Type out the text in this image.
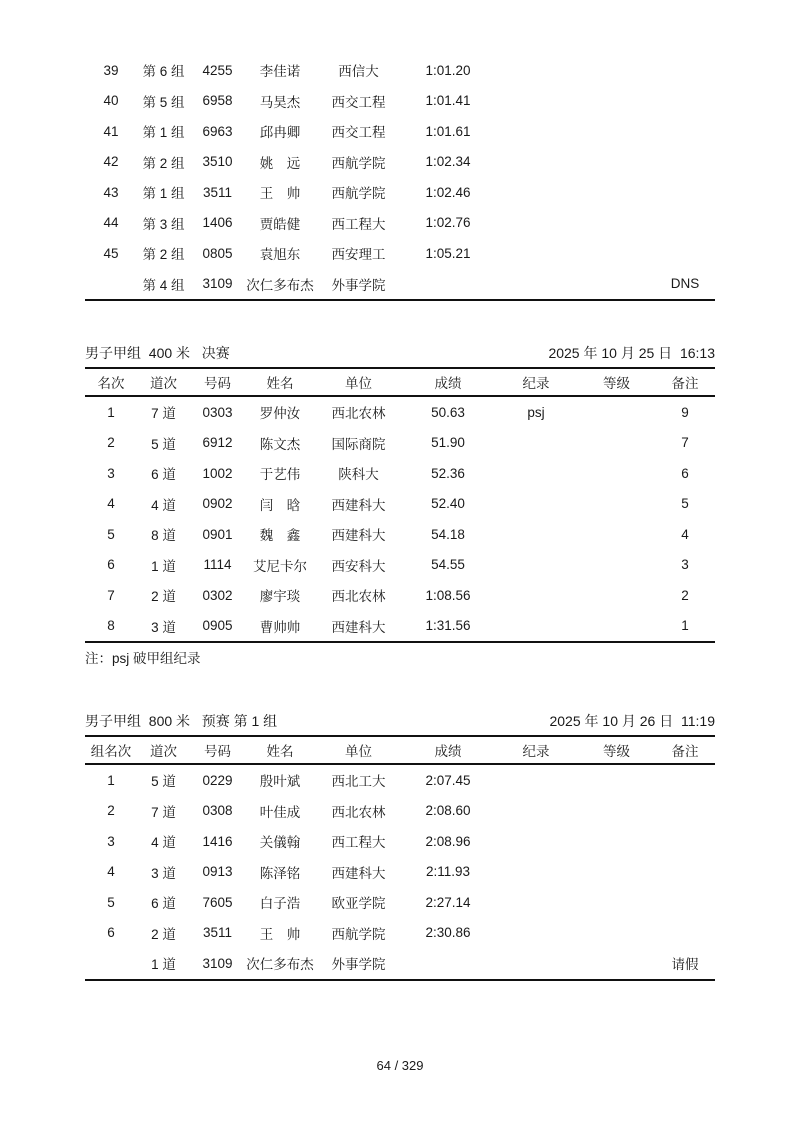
39	第 6 组	4255	李佳诺	西信大	1:01.20			
40	第 5 组	6958	马昊杰	西交工程	1:01.41			
41	第 1 组	6963	邱冉卿	西交工程	1:01.61			
42	第 2 组	3510	姚　远	西航学院	1:02.34			
43	第 1 组	3511	王　帅	西航学院	1:02.46			
44	第 3 组	1406	贾皓健	西工程大	1:02.76			
45	第 2 组	0805	袁旭东	西安理工	1:05.21			
	第 4 组	3109	次仁多布杰	外事学院				DNS
男子甲组  400 米   决赛	2025 年 10 月 25 日  16:13
名次	道次	号码	姓名	单位	成绩	纪录	等级	备注
1	7 道	0303	罗仲汝	西北农林	50.63	psj		9
2	5 道	6912	陈文杰	国际商院	51.90			7
3	6 道	1002	于艺伟	陕科大	52.36			6
4	4 道	0902	闫　晗	西建科大	52.40			5
5	8 道	0901	魏　鑫	西建科大	54.18			4
6	1 道	1114	艾尼卡尔	西安科大	54.55			3
7	2 道	0302	廖宇琰	西北农林	1:08.56			2
8	3 道	0905	曹帅帅	西建科大	1:31.56			1
注：psj 破甲组纪录
男子甲组  800 米   预赛 第 1 组	2025 年 10 月 26 日  11:19
组名次	道次	号码	姓名	单位	成绩	纪录	等级	备注
1	5 道	0229	殷叶斌	西北工大	2:07.45			
2	7 道	0308	叶佳成	西北农林	2:08.60			
3	4 道	1416	关儀翰	西工程大	2:08.96			
4	3 道	0913	陈泽铭	西建科大	2:11.93			
5	6 道	7605	白子浩	欧亚学院	2:27.14			
6	2 道	3511	王　帅	西航学院	2:30.86			
	1 道	3109	次仁多布杰	外事学院				请假
64 / 329
